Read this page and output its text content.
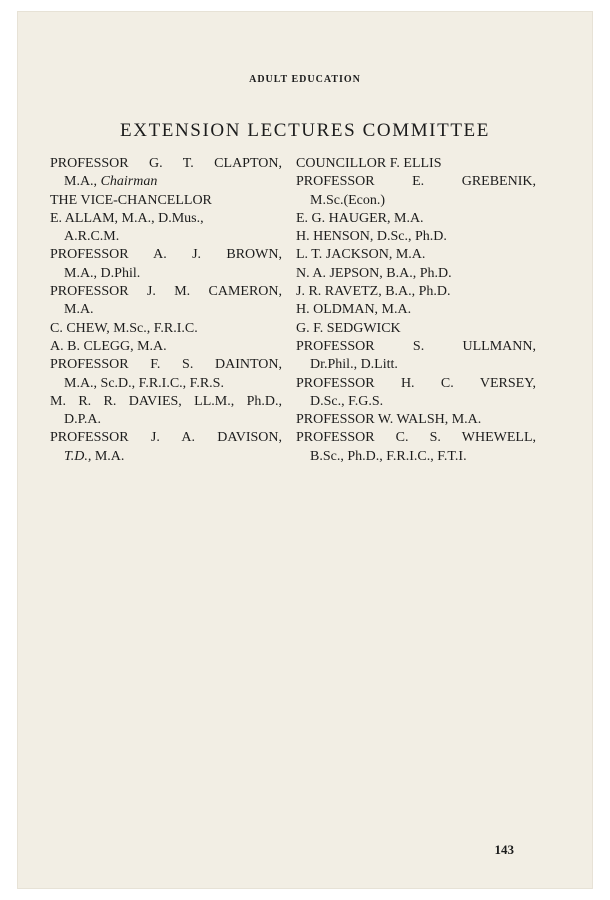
ADULT EDUCATION
EXTENSION LECTURES COMMITTEE

PROFESSOR G. T. CLAPTON,
M.A., Chairman

THE VICE-CHANCELLOR

E. ALLAM, M.A., D.Mus.,
A.R.C.M.

PROFESSOR A. J. BROWN,
M.A., D.Phil.

PROFESSOR J. M. CAMERON,
M.A.

C. CHEW, M.Sc., F.R.I.C.

A. B. CLEGG, M.A.

PROFESSOR F. S. DAINTON,
M.A., Sc.D., F.R.I.C., F.R.S.

M. R. R. DAVIES, LL.M., Ph.D.,
D.P.A.

PROFESSOR J. A. DAVISON,
T.D., M.A.

COUNCILLOR F. ELLIS

PROFESSOR E. GREBENIK,
M.Sc.(Econ.)

E. G. HAUGER, M.A.

H. HENSON, D.Sc., Ph.D.

L. T. JACKSON, M.A.

N. A. JEPSON, B.A., Ph.D.

J. R. RAVETZ, B.A., Ph.D.

H. OLDMAN, M.A.

G. F. SEDGWICK

PROFESSOR S. ULLMANN,
Dr.Phil., D.Litt.

PROFESSOR H. C. VERSEY,
D.Sc., F.G.S.

PROFESSOR W. WALSH, M.A.

PROFESSOR C. S. WHEWELL,
B.Sc., Ph.D., F.R.I.C., F.T.I.

143
